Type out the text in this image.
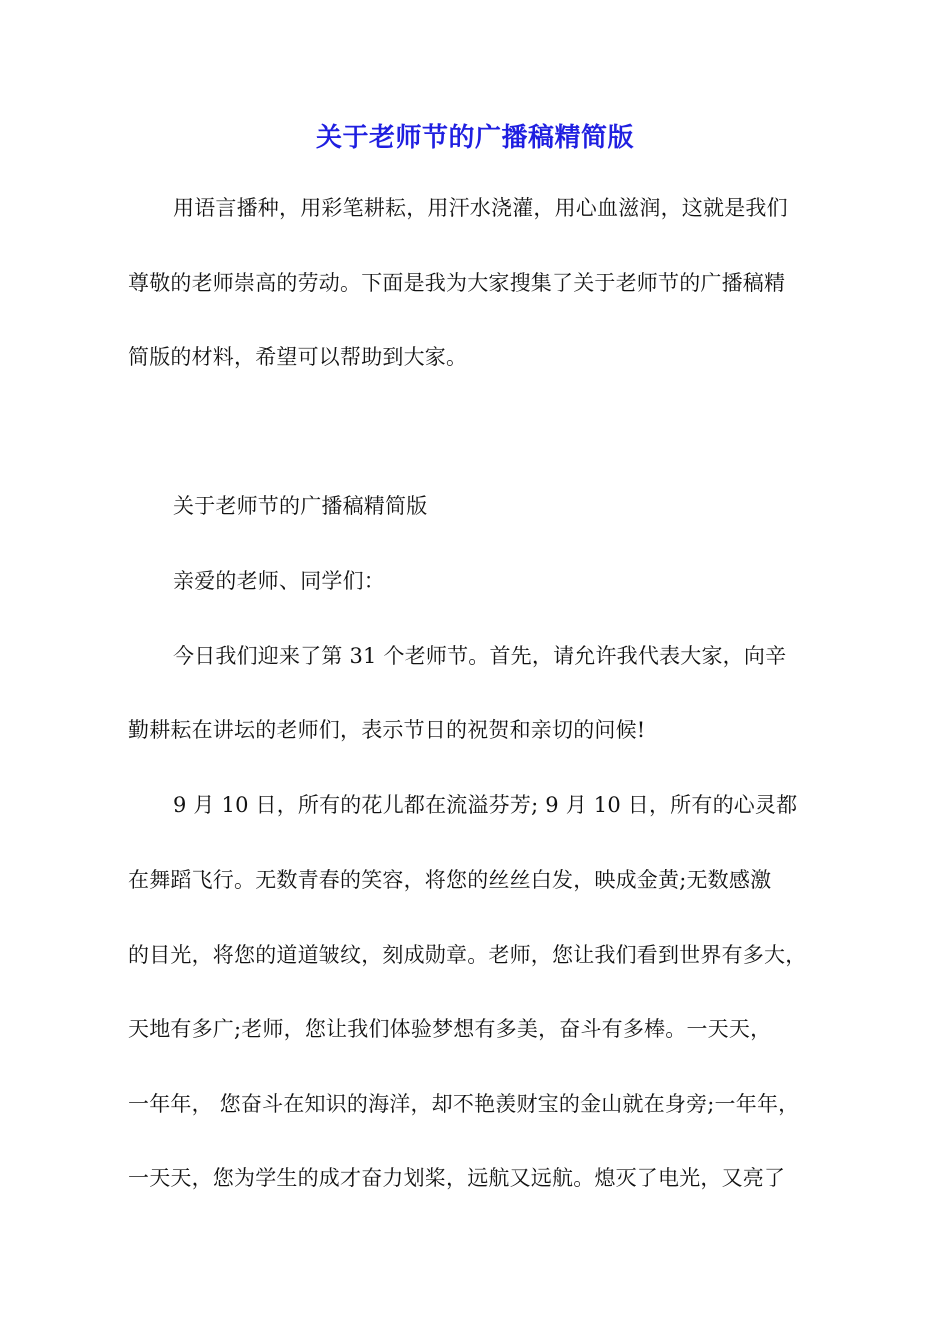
关于老师节的广播稿精简版
用语言播种，用彩笔耕耘，用汗水浇灌，用心血滋润，这就是我们
尊敬的老师崇高的劳动。下面是我为大家搜集了关于老师节的广播稿精
简版的材料，希望可以帮助到大家。
关于老师节的广播稿精简版
亲爱的老师、同学们：
今日我们迎来了第 31 个老师节。首先，请允许我代表大家，向辛
勤耕耘在讲坛的老师们，表示节日的祝贺和亲切的问候!
9 月 10 日，所有的花儿都在流溢芬芳; 9 月 10 日，所有的心灵都
在舞蹈飞行。无数青春的笑容，将您的丝丝白发，映成金黄;无数感激
的目光，将您的道道皱纹，刻成勋章。老师，您让我们看到世界有多大，
天地有多广;老师，您让我们体验梦想有多美，奋斗有多棒。一天天，
一年年， 您奋斗在知识的海洋，却不艳羡财宝的金山就在身旁;一年年，
一天天，您为学生的成才奋力划桨，远航又远航。熄灭了电光，又亮了
